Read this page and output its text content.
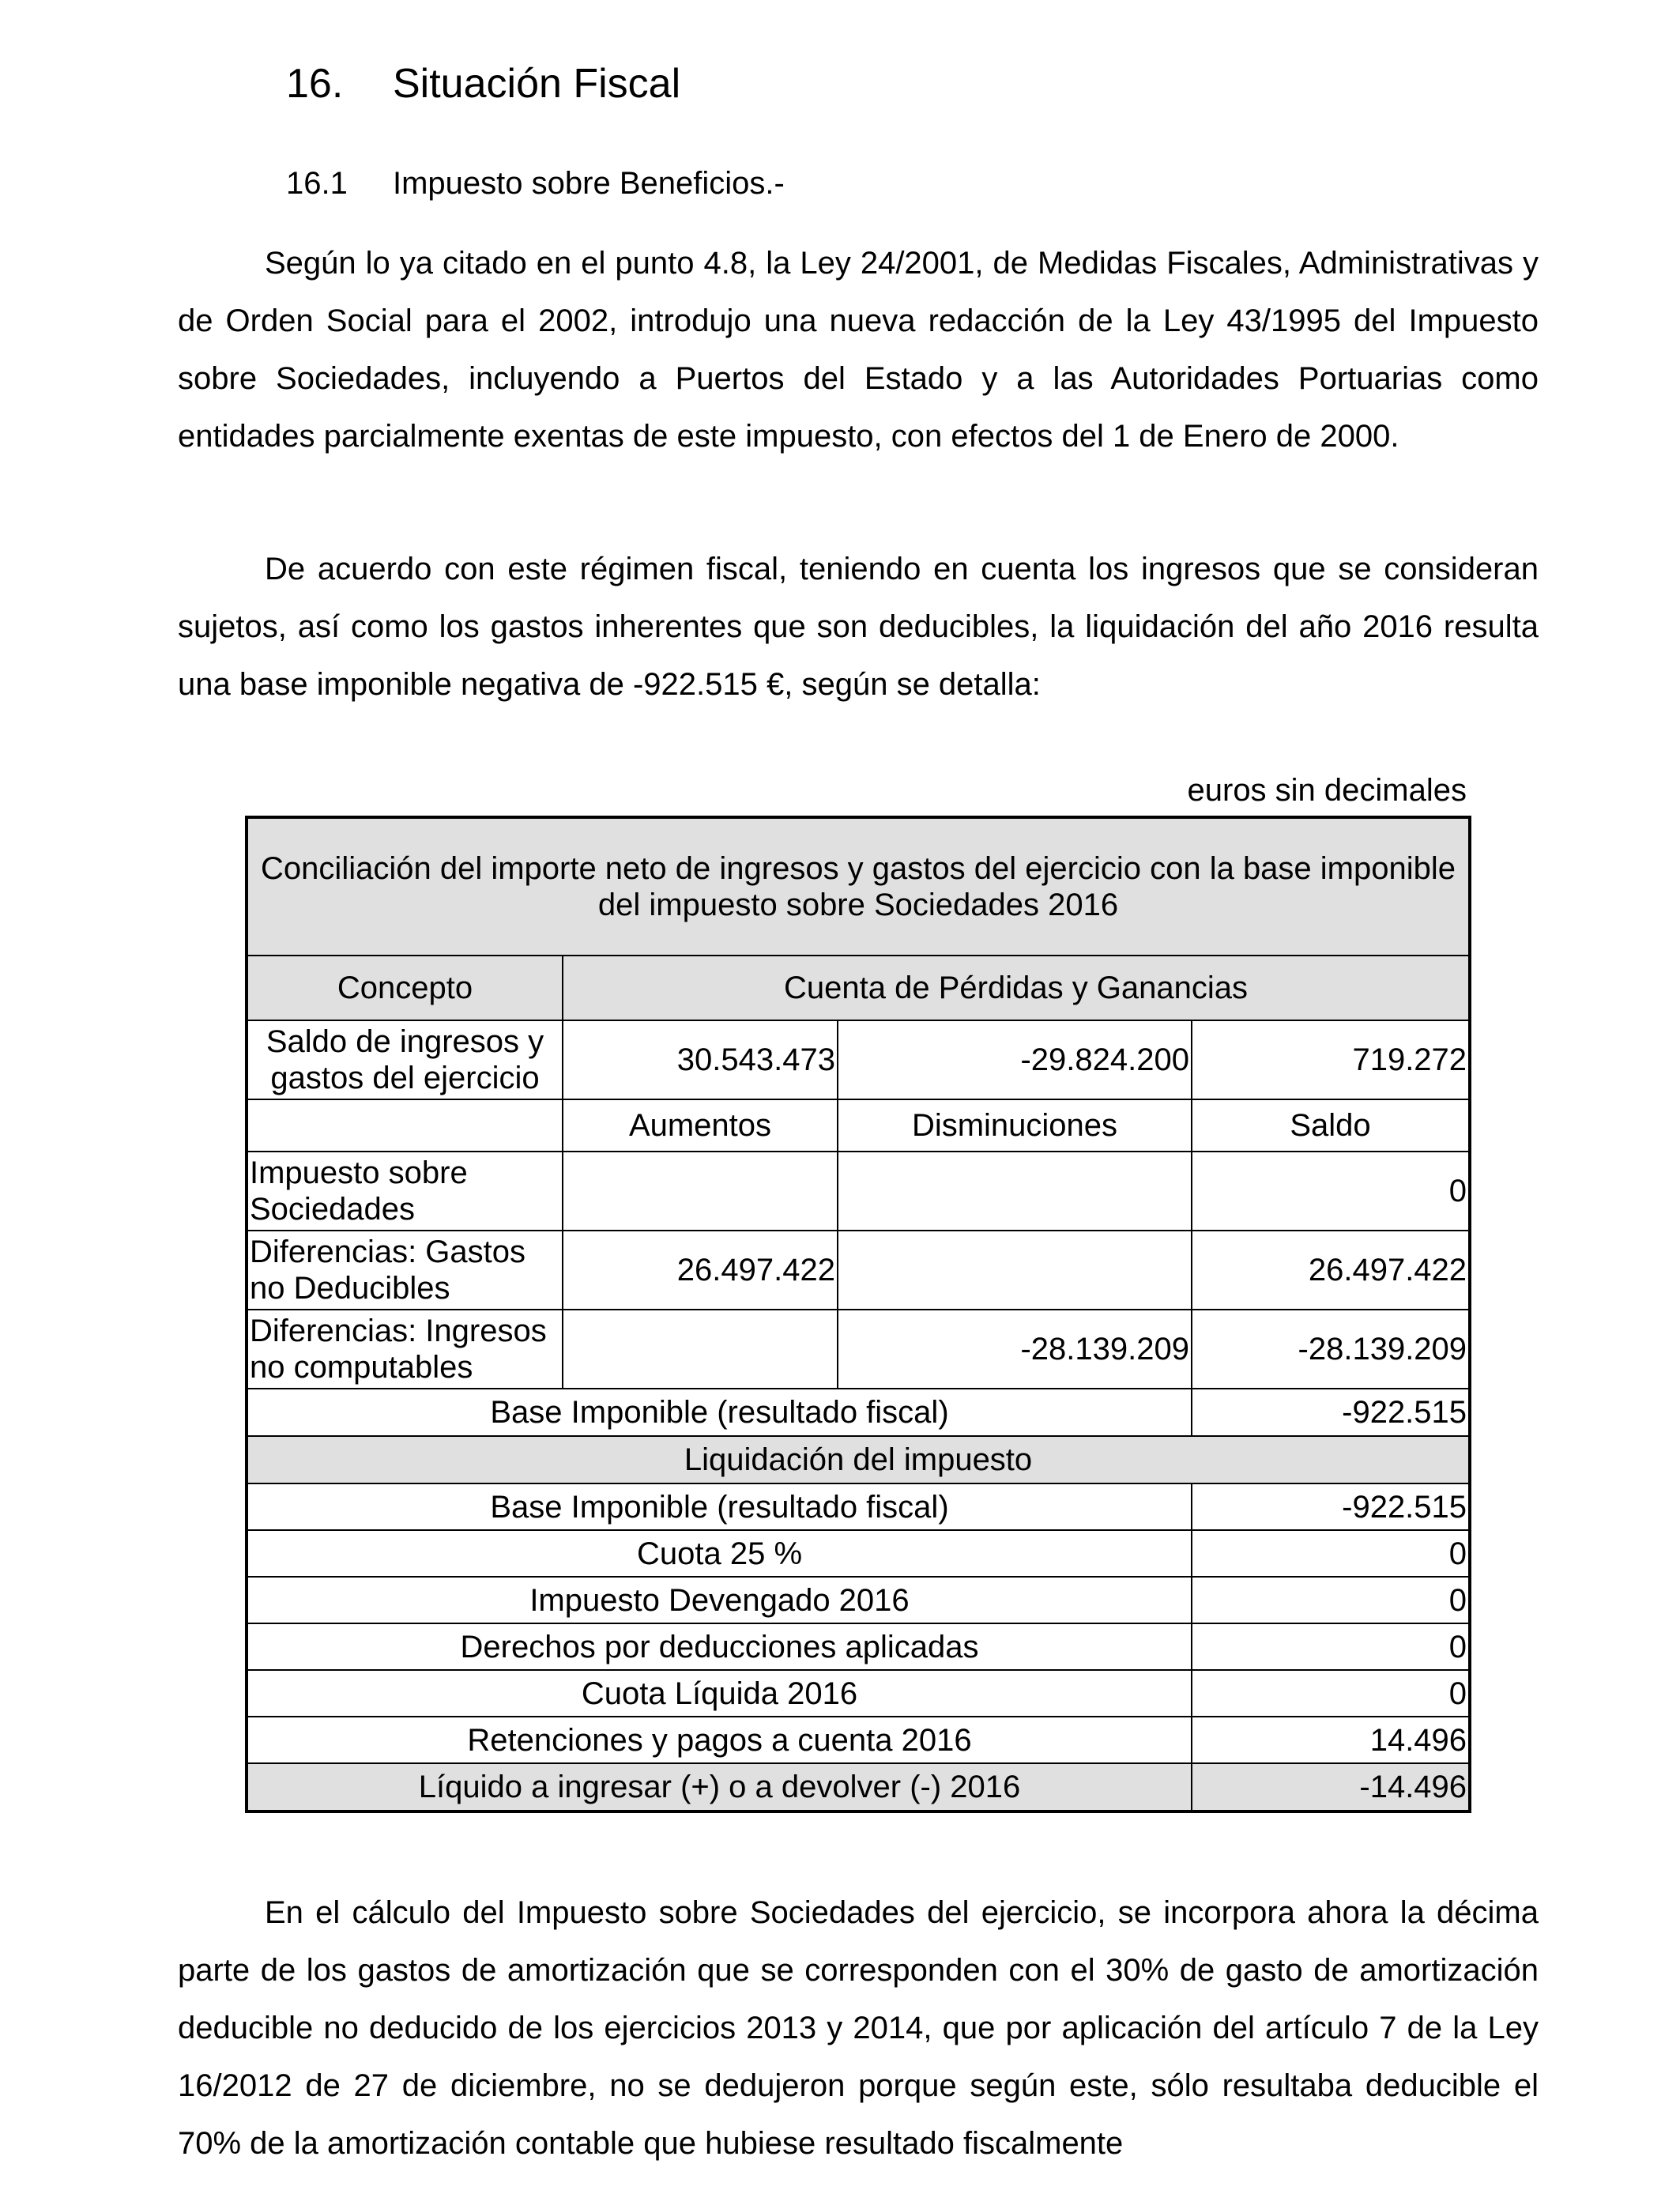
16. Situación Fiscal
16.1 Impuesto sobre Beneficios.-

Según lo ya citado en el punto 4.8, la Ley 24/2001, de Medidas Fiscales, Administrativas y de Orden Social para el 2002, introdujo una nueva redacción de la Ley 43/1995 del Impuesto sobre Sociedades, incluyendo a Puertos del Estado y a las Autoridades Portuarias como entidades parcialmente exentas de este impuesto, con efectos del 1 de Enero de 2000.

De acuerdo con este régimen fiscal, teniendo en cuenta los ingresos que se consideran sujetos, así como los gastos inherentes que son deducibles, la liquidación del año 2016 resulta una base imponible negativa de -922.515 €, según se detalla:

euros sin decimales
Conciliación del importe neto de ingresos y gastos del ejercicio con la base imponible del impuesto sobre Sociedades 2016			
Concepto	Cuenta de Pérdidas y Ganancias		
Saldo de ingresos y gastos del ejercicio	30.543.473	-29.824.200	719.272
	Aumentos	Disminuciones	Saldo
Impuesto sobre Sociedades			0
Diferencias: Gastos no Deducibles	26.497.422		26.497.422
Diferencias: Ingresos no computables		-28.139.209	-28.139.209
Base Imponible (resultado fiscal)			-922.515
Liquidación del impuesto			
Base Imponible (resultado fiscal)			-922.515
Cuota 25 %			0
Impuesto Devengado 2016			0
Derechos por deducciones aplicadas			0
Cuota Líquida 2016			0
Retenciones y pagos a cuenta 2016			14.496
Líquido a ingresar (+) o a devolver (-) 2016			-14.496

En el cálculo del Impuesto sobre Sociedades del ejercicio, se incorpora ahora la décima parte de los gastos de amortización que se corresponden con el 30% de gasto de amortización deducible no deducido de los ejercicios 2013 y 2014, que por aplicación del artículo 7 de la Ley 16/2012 de 27 de diciembre, no se dedujeron porque según este, sólo resultaba deducible el 70% de la amortización contable que hubiese resultado fiscalmente
